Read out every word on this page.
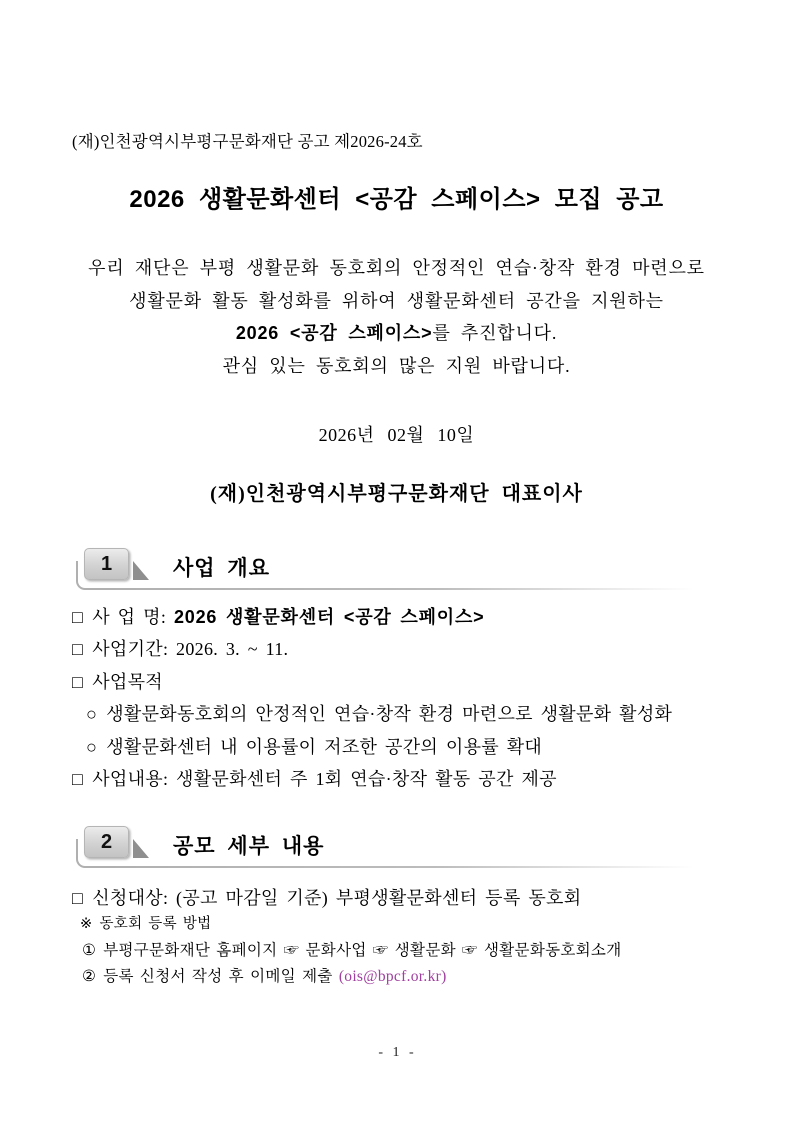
(재)인천광역시부평구문화재단 공고 제2026-24호
2026 생활문화센터 <공감 스페이스> 모집 공고
우리 재단은 부평 생활문화 동호회의 안정적인 연습·창작 환경 마련으로
생활문화 활동 활성화를 위하여 생활문화센터 공간을 지원하는
2026 <공감 스페이스>를 추진합니다.
관심 있는 동호회의 많은 지원 바랍니다.
2026년 02월 10일
(재)인천광역시부평구문화재단 대표이사
1	사업 개요
□ 사 업 명: 2026 생활문화센터 <공감 스페이스>
□ 사업기간: 2026. 3. ~ 11.
□ 사업목적
○ 생활문화동호회의 안정적인 연습·창작 환경 마련으로 생활문화 활성화
○ 생활문화센터 내 이용률이 저조한 공간의 이용률 확대
□ 사업내용: 생활문화센터 주 1회 연습·창작 활동 공간 제공
2	공모 세부 내용
□ 신청대상: (공고 마감일 기준) 부평생활문화센터 등록 동호회
※ 동호회 등록 방법
① 부평구문화재단 홈페이지 ☞ 문화사업 ☞ 생활문화 ☞ 생활문화동호회소개
② 등록 신청서 작성 후 이메일 제출 (ois@bpcf.or.kr)
- 1 -
